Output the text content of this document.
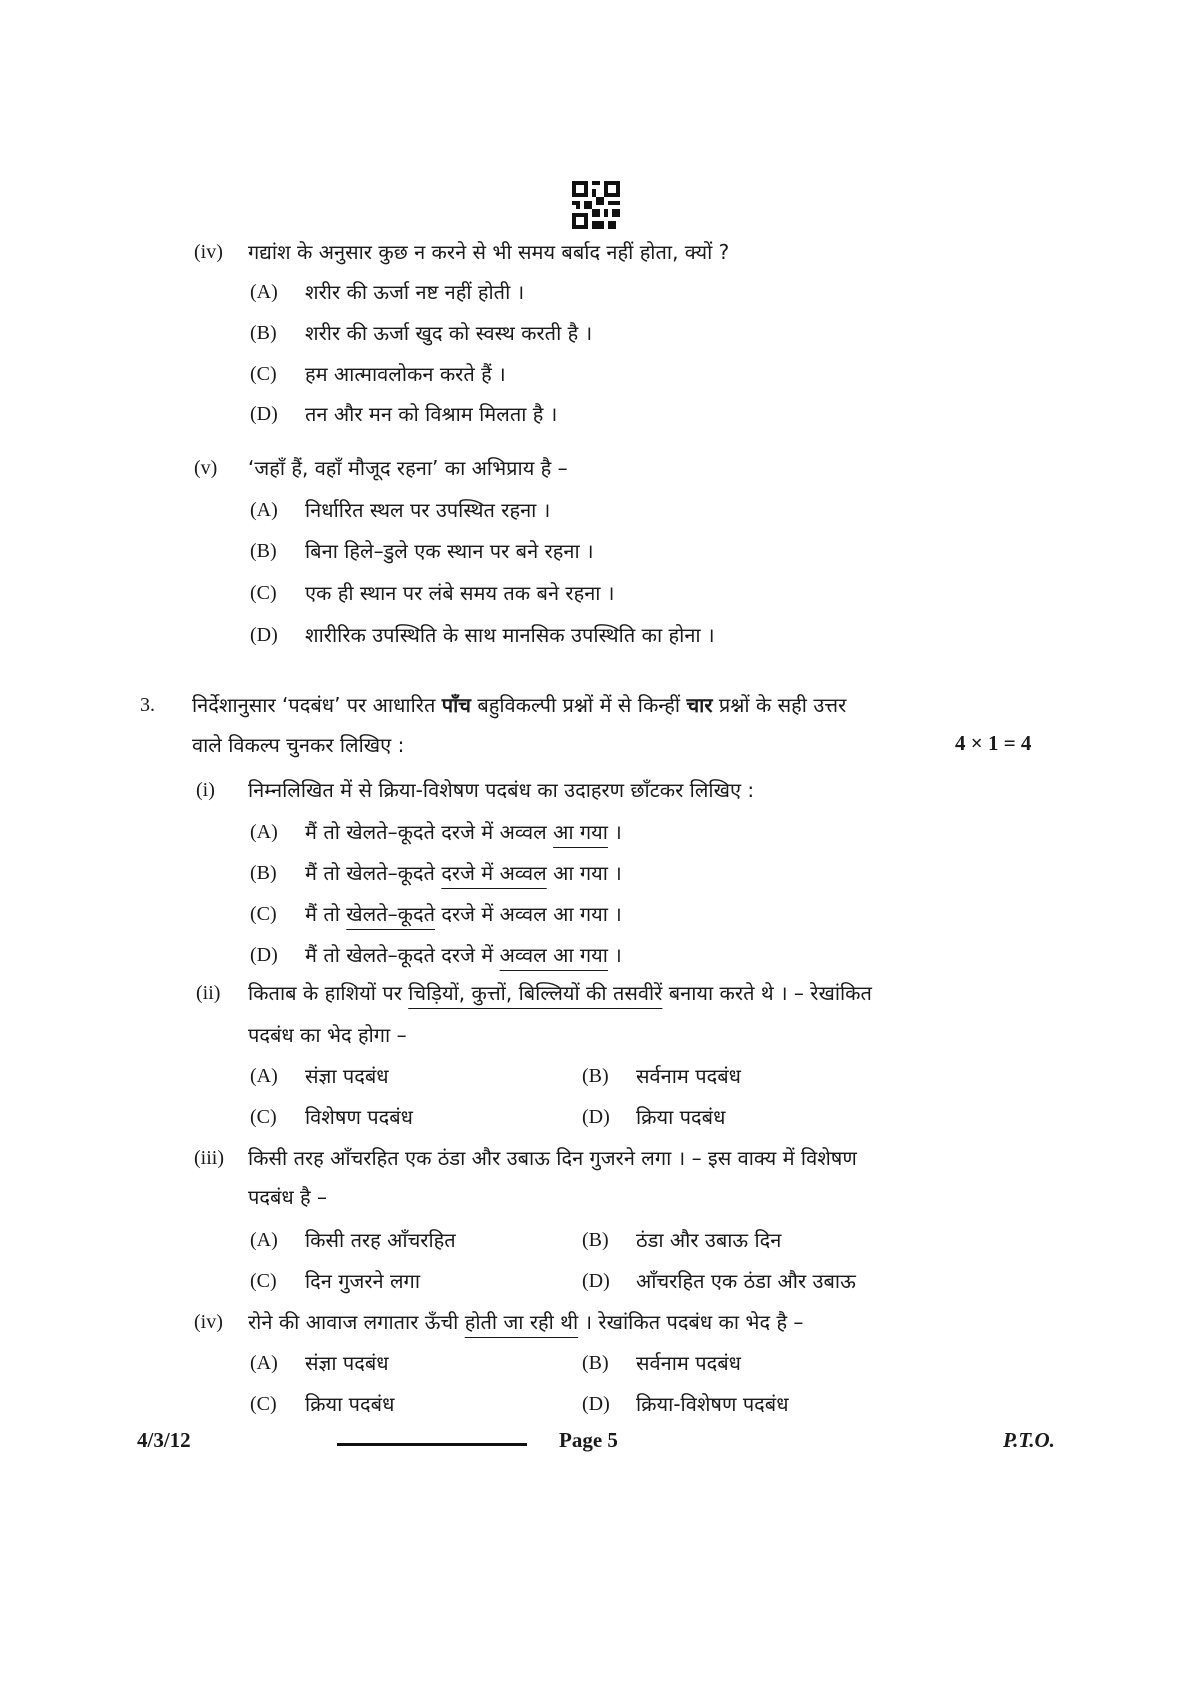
(iv) गद्यांश के अनुसार कुछ न करने से भी समय बर्बाद नहीं होता, क्यों ?
(A) शरीर की ऊर्जा नष्ट नहीं होती ।
(B) शरीर की ऊर्जा खुद को स्वस्थ करती है ।
(C) हम आत्मावलोकन करते हैं ।
(D) तन और मन को विश्राम मिलता है ।
(v) ‘जहाँ हैं, वहाँ मौजूद रहना’ का अभिप्राय है –
(A) निर्धारित स्थल पर उपस्थित रहना ।
(B) बिना हिले–डुले एक स्थान पर बने रहना ।
(C) एक ही स्थान पर लंबे समय तक बने रहना ।
(D) शारीरिक उपस्थिति के साथ मानसिक उपस्थिति का होना ।
3. निर्देशानुसार ‘पदबंध’ पर आधारित पाँच बहुविकल्पी प्रश्नों में से किन्हीं चार प्रश्नों के सही उत्तर
वाले विकल्प चुनकर लिखिए :	4 × 1 = 4
(i) निम्नलिखित में से क्रिया-विशेषण पदबंध का उदाहरण छाँटकर लिखिए :
(A) मैं तो खेलते–कूदते दरजे में अव्वल आ गया ।
(B) मैं तो खेलते–कूदते दरजे में अव्वल आ गया ।
(C) मैं तो खेलते–कूदते दरजे में अव्वल आ गया ।
(D) मैं तो खेलते–कूदते दरजे में अव्वल आ गया ।
(ii) किताब के हाशियों पर चिड़ियों, कुत्तों, बिल्लियों की तसवीरें बनाया करते थे । – रेखांकित
पदबंध का भेद होगा –
(A) संज्ञा पदबंध	(B) सर्वनाम पदबंध
(C) विशेषण पदबंध	(D) क्रिया पदबंध
(iii) किसी तरह आँचरहित एक ठंडा और उबाऊ दिन गुजरने लगा । – इस वाक्य में विशेषण
पदबंध है –
(A) किसी तरह आँचरहित	(B) ठंडा और उबाऊ दिन
(C) दिन गुजरने लगा	(D) आँचरहित एक ठंडा और उबाऊ
(iv) रोने की आवाज लगातार ऊँची होती जा रही थी । रेखांकित पदबंध का भेद है –
(A) संज्ञा पदबंध	(B) सर्वनाम पदबंध
(C) क्रिया पदबंध	(D) क्रिया-विशेषण पदबंध
4/3/12	Page 5	P.T.O.
